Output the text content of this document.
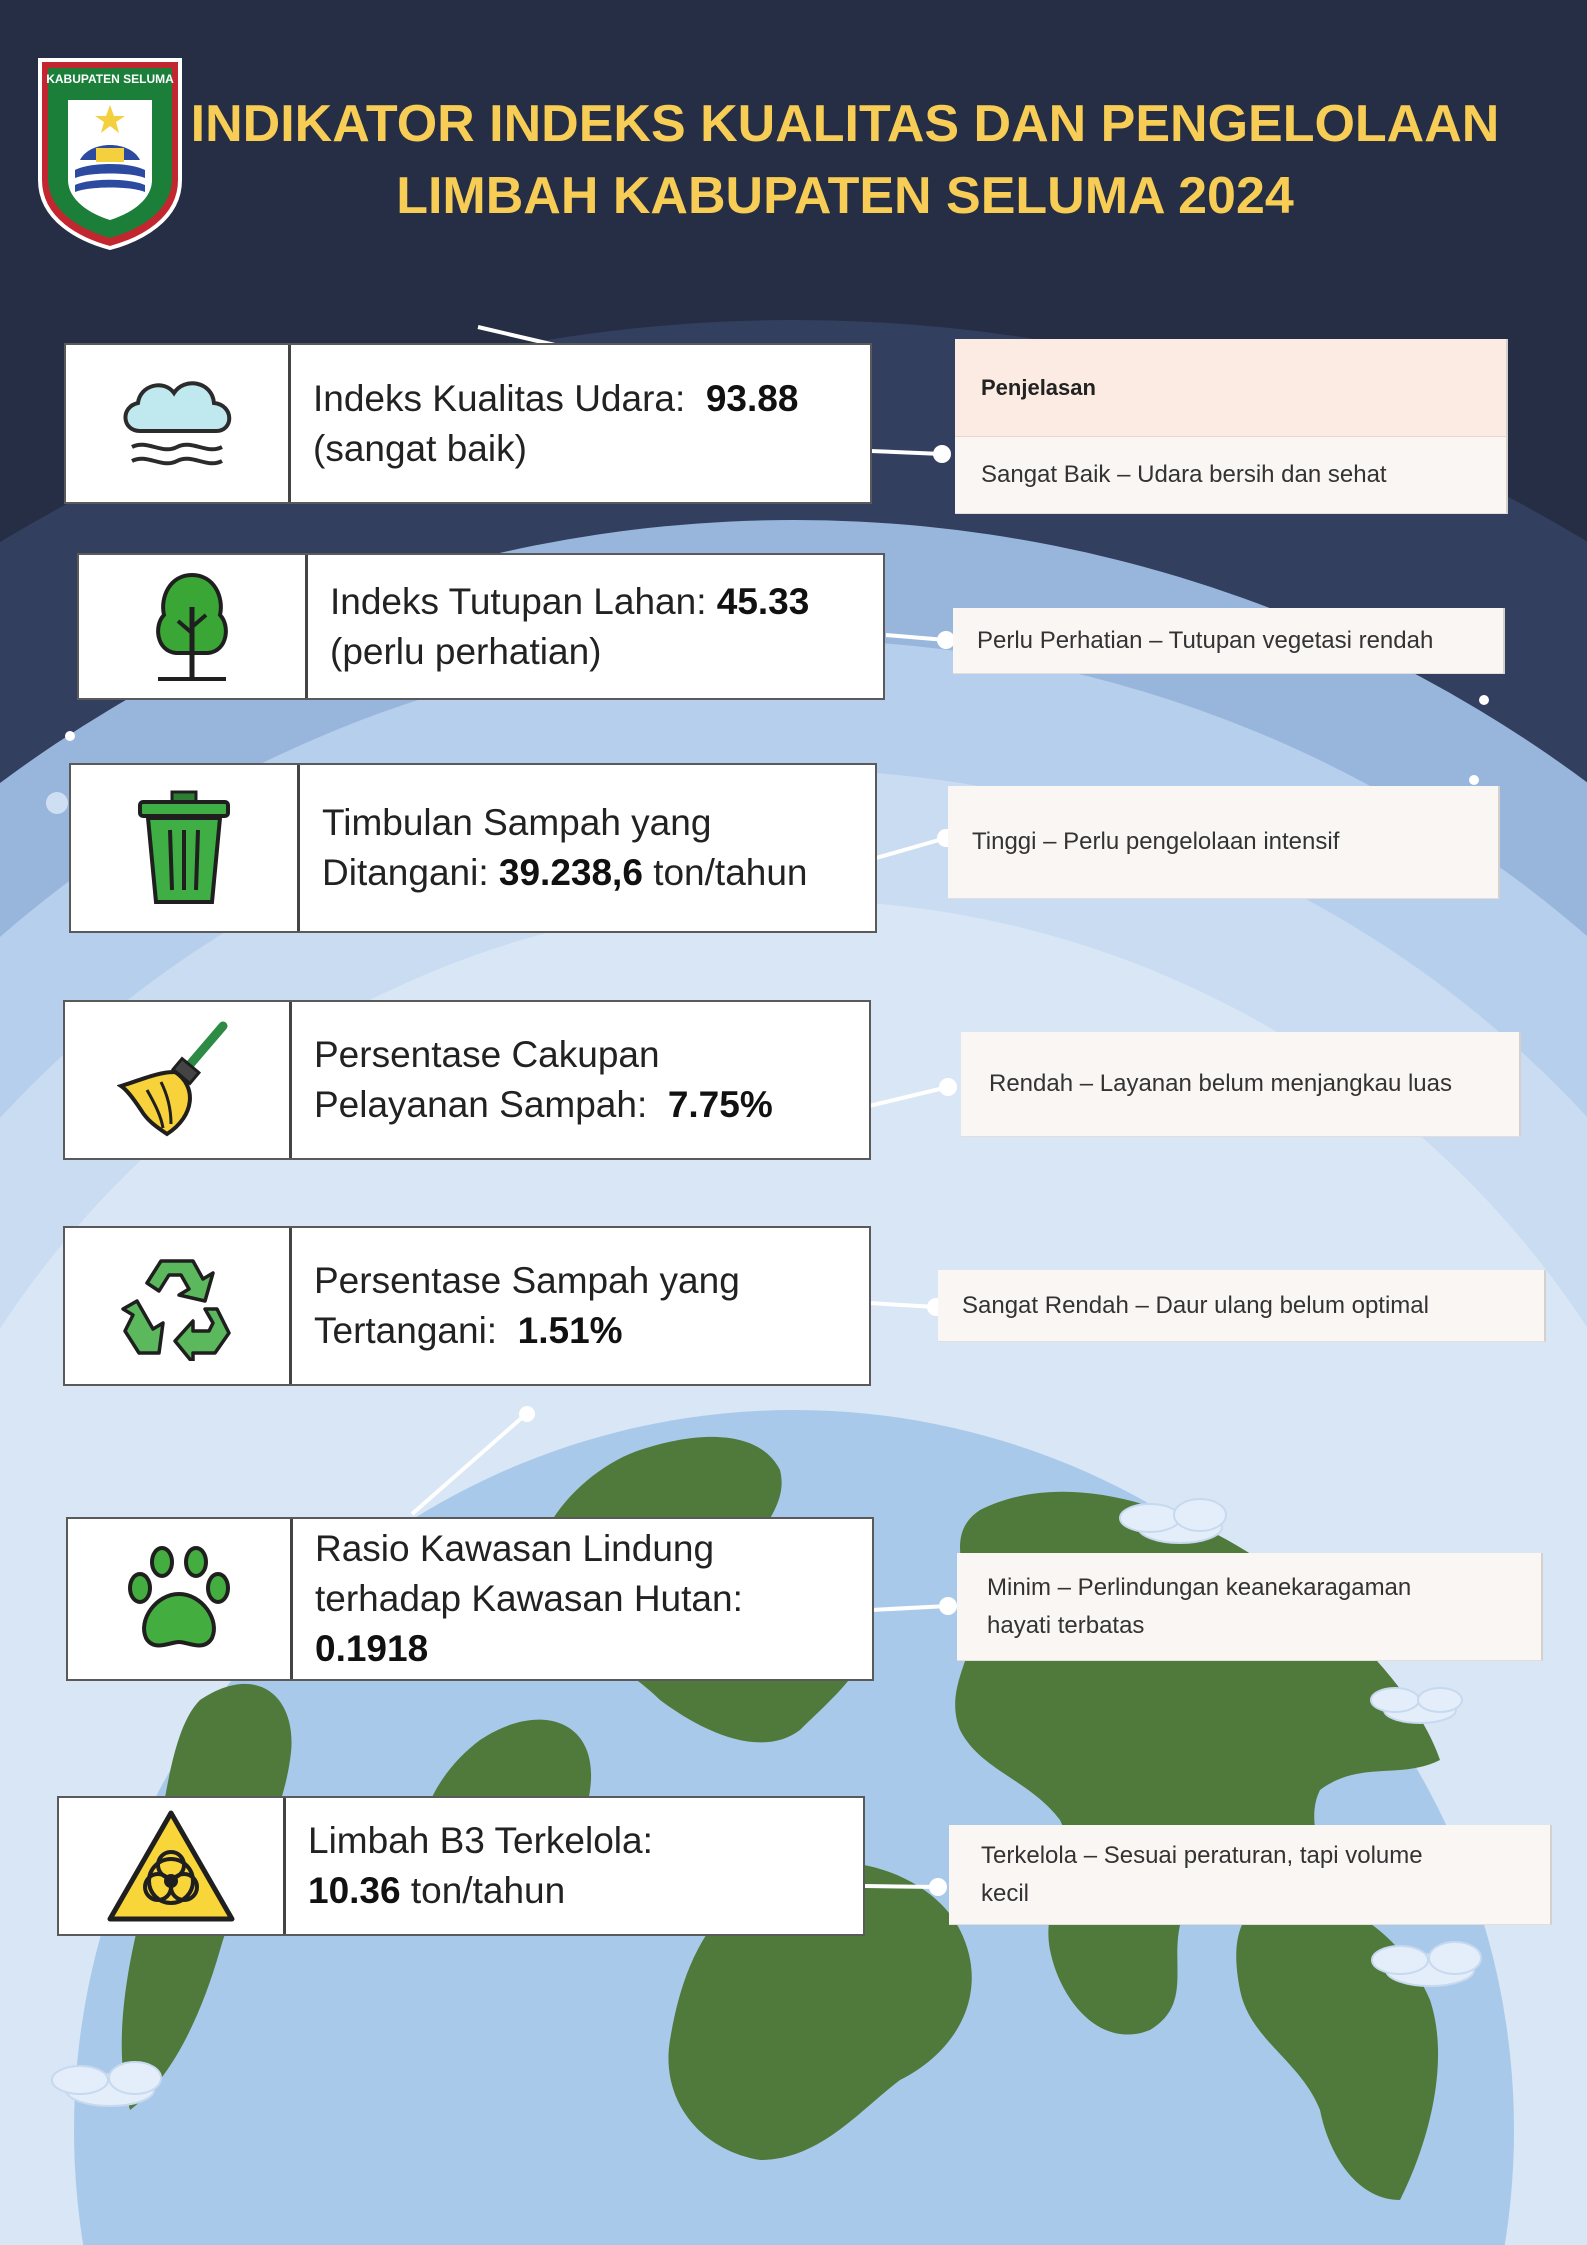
KABUPATEN SELUMA
INDIKATOR INDEKS KUALITAS DAN PENGELOLAAN
LIMBAH KABUPATEN SELUMA 2024
Indeks Kualitas Udara: 93.88
(sangat baik)
Indeks Tutupan Lahan: 45.33
(perlu perhatian)
Timbulan Sampah yang
Ditangani: 39.238,6 ton/tahun
Persentase Cakupan
Pelayanan Sampah: 7.75%
Persentase Sampah yang
Tertangani: 1.51%
Rasio Kawasan Lindung
terhadap Kawasan Hutan:
0.1918
Limbah B3 Terkelola:
10.36 ton/tahun
Penjelasan
Sangat Baik – Udara bersih dan sehat
Perlu Perhatian – Tutupan vegetasi rendah
Tinggi – Perlu pengelolaan intensif
Rendah – Layanan belum menjangkau luas
Sangat Rendah – Daur ulang belum optimal
Minim – Perlindungan keanekaragaman
hayati terbatas
Terkelola – Sesuai peraturan, tapi volume
kecil
